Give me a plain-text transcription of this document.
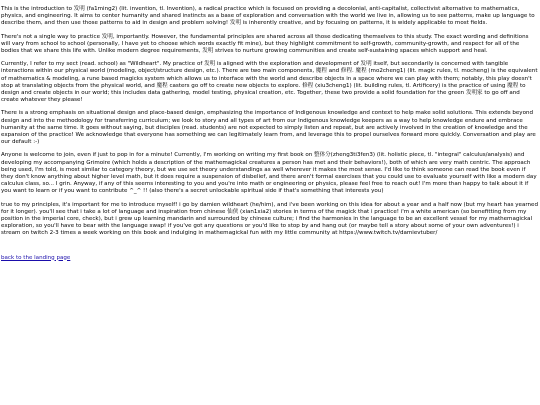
This is the introduction to 发明 (fa1ming2) (lit. invention, tl. Invention), a radical practice which is focused on providing a decolonial, anti-capitalist, collectivist alternative to mathematics, physics, and engineering. It aims to center humanity and shared instincts as a base of exploration and conversation with the world we live in, allowing us to see patterns, make up language to describe them, and then use those patterns to aid in design and problem solving! 发明 is inherently creative, and by focusing on patterns, it is widely applicable to most fields.

There's not a single way to practice 发明, importantly. However, the fundamental principles are shared across all those dedicating themselves to this study. The exact wording and definitions will vary from school to school (personally, I have yet to choose which words exactly fit mine), but they highlight commitment to self-growth, community-growth, and respect for all of the bodies that we share this life with. Unlike modern degree requirements, 发明 strives to nurture growing communities and create self-sustaining spaces which support and heal.

Currently, I refer to my sect (read. school) as "Wildheart". My practice of 发明 is aligned with the exploration and development of 发明 itself, but secondarily is concerned with tangible interactions within our physical world (modeling, object/structure design, etc.). There are two main components, 魔程 and 修程. 魔程 (mo2cheng1) (lit. magic rules, tl. mocheng) is the equivalent of mathematics & modeling, a rune based magicks system which allows us to interface with the world and describe objects in a space where we can play with them; notably, this play doesn't stop at translating objects from the physical world, and 魔程 casters go off to create new objects to explore. 修程 (xiu3cheng1) (lit. building rules, tl. Artificery) is the practice of using 魔程 to design and create objects in our world; this includes data gathering, model testing, physical creation, etc. Together, these two provide a solid foundation for the green 发明家 to go off and create whatever they please!

There is a strong emphasis on situational design and place-based design, emphasizing the importance of Indigenous knowledge and context to help make solid solutions. This extends beyond design and into the methodology for transferring curriculum; we look to story and all types of art from our Indigenous knowledge keepers as a way to help knowledge endure and embrace humanity at the same time. It goes without saying, but disciples (read. students) are not expected to simply listen and repeat, but are actively involved in the creation of knowledge and the expansion of the practice! We acknowledge that everyone has something we can legitimately learn from, and leverage this to propel ourselves forward more quickly. Conversation and play are our default :-)

Anyone is welcome to join, even if just to pop in for a minute! Currently, I'm working on writing my first book on 整体分(zheng3ti3fen3) (lit. holistic piece, tl. "integral" calculus/analysis) and developing my accompanying Grimoire (which holds a description of the mathemagickal creatures a person has met and their behaviors!), both of which are very math centric. The approach being used, I'm told, is most similar to category theory, but we use set theory understandings as well wherever it makes the most sense. I'd like to think someone can read the book even if they don't know anything about higher level math, but it does require a suspension of disbelief, and there aren't formal exercises that you could use to evaluate yourself with like a modern day calculus class, so... I grin. Anyway, if any of this seems interesting to you and you're into math or engineering or physics, please feel free to reach out! I'm more than happy to talk about it if you want to learn or if you want to contribute ^_^ !! (also there's a secret unlockable spiritual side if that's something that interests you)

true to my principles, it's important for me to introduce myself! i go by damien wildheart (he/him), and i've been working on this idea for about a year and a half now (but my heart has yearned for it longer). you'll see that i take a lot of language and inspiration from chinese 仙侠 (xian1xia2) stories in terms of the magick that i practice! i'm a white american (so benefitting from my position in the imperial core, check), but i grew up learning mandarin and surrounded by chinese culture; i find the harmonies in the language to be an excellent vessel for my mathemagickal exploration, so you'll have to bear with the language swap! if you've got any questions or you'd like to stop by and hang out (or maybe tell a story about some of your own adventures!) i stream on twitch 2-3 times a week working on this book and indulging in mathemagickal fun with my little community at https://www.twitch.tv/damievtuber/

back to the landing page
